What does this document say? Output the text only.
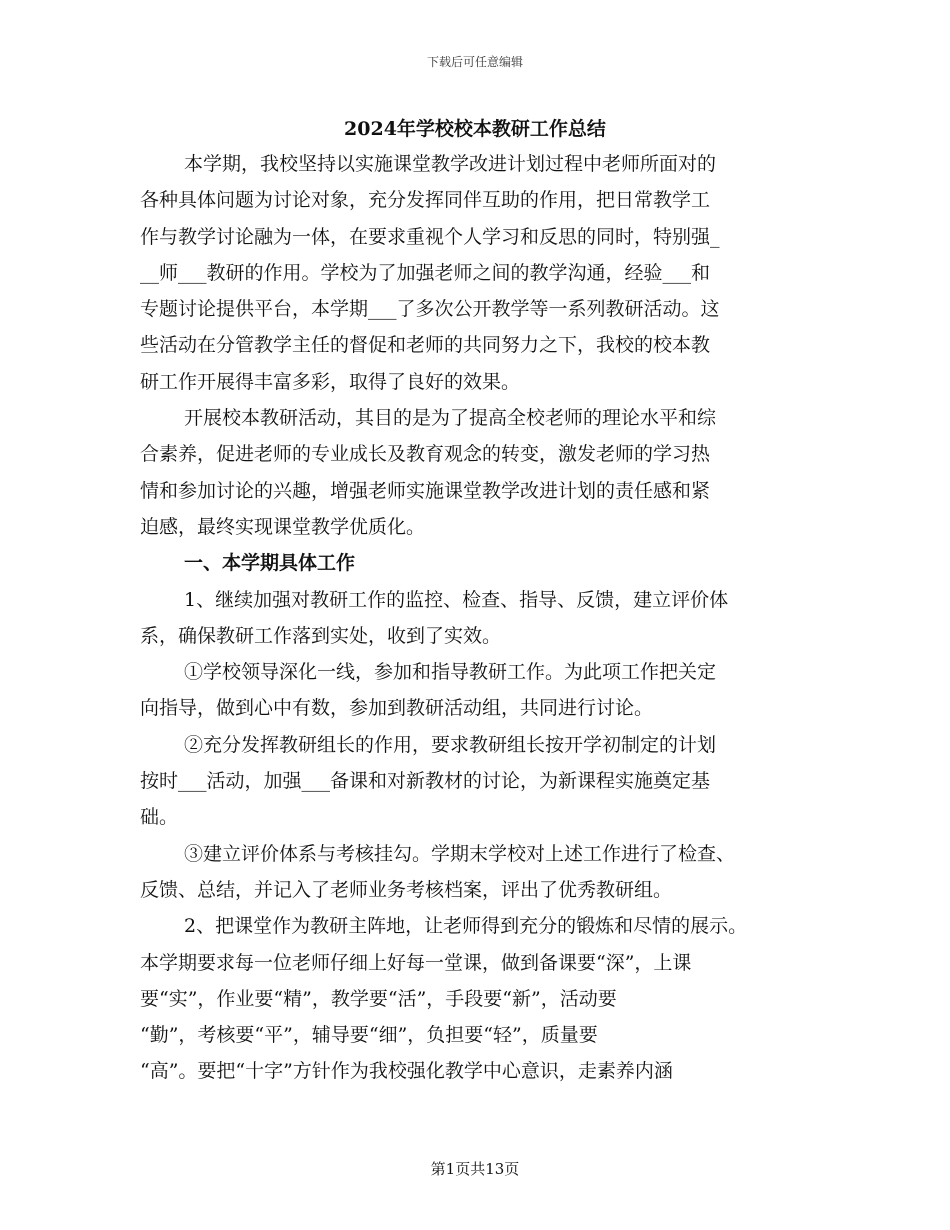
下载后可任意编辑
2024年学校校本教研工作总结
本学期，我校坚持以实施课堂教学改进计划过程中老师所面对的
各种具体问题为讨论对象，充分发挥同伴互助的作用，把日常教学工
作与教学讨论融为一体，在要求重视个人学习和反思的同时，特别强_
__师___教研的作用。学校为了加强老师之间的教学沟通，经验___和
专题讨论提供平台，本学期___了多次公开教学等一系列教研活动。这
些活动在分管教学主任的督促和老师的共同努力之下，我校的校本教
研工作开展得丰富多彩，取得了良好的效果。
开展校本教研活动，其目的是为了提高全校老师的理论水平和综
合素养，促进老师的专业成长及教育观念的转变，激发老师的学习热
情和参加讨论的兴趣，增强老师实施课堂教学改进计划的责任感和紧
迫感，最终实现课堂教学优质化。
一、本学期具体工作
1、继续加强对教研工作的监控、检查、指导、反馈，建立评价体
系，确保教研工作落到实处，收到了实效。
①学校领导深化一线，参加和指导教研工作。为此项工作把关定
向指导，做到心中有数，参加到教研活动组，共同进行讨论。
②充分发挥教研组长的作用，要求教研组长按开学初制定的计划
按时___活动，加强___备课和对新教材的讨论，为新课程实施奠定基
础。
③建立评价体系与考核挂勾。学期末学校对上述工作进行了检查、
反馈、总结，并记入了老师业务考核档案，评出了优秀教研组。
2、把课堂作为教研主阵地，让老师得到充分的锻炼和尽情的展示。
本学期要求每一位老师仔细上好每一堂课，做到备课要“深”，上课
要“实”，作业要“精”，教学要“活”，手段要“新”，活动要
“勤”，考核要“平”，辅导要“细”，负担要“轻”，质量要
“高”。要把“十字”方针作为我校强化教学中心意识，走素养内涵
第1页共13页
